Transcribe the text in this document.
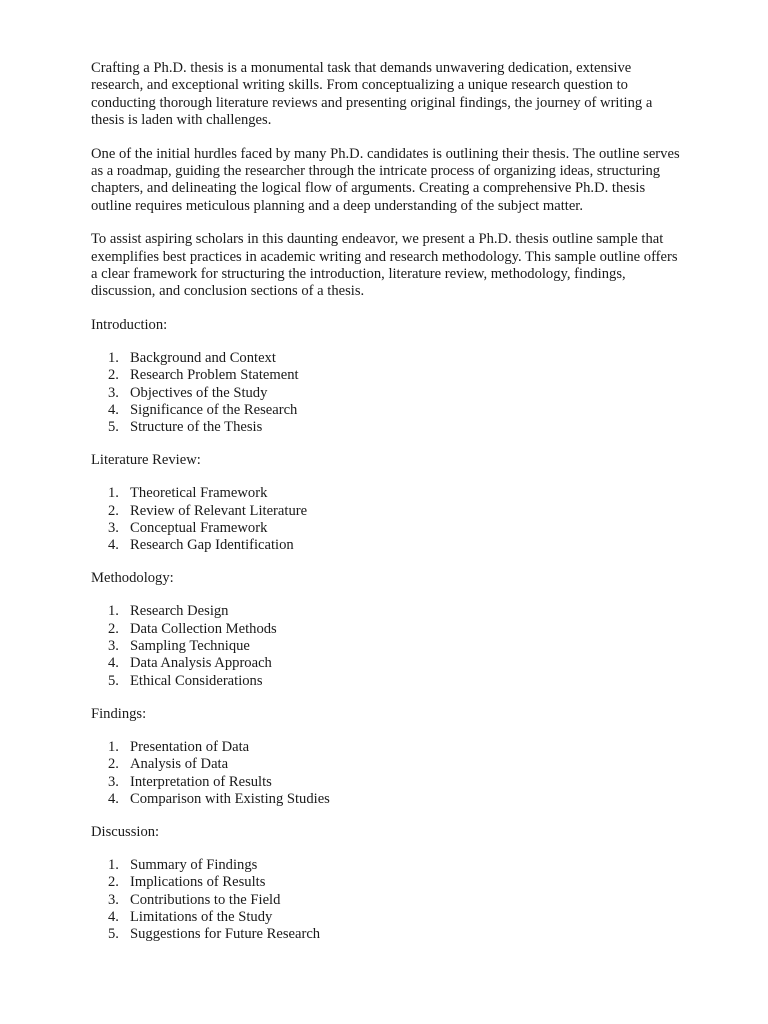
Crafting a Ph.D. thesis is a monumental task that demands unwavering dedication, extensive
research, and exceptional writing skills. From conceptualizing a unique research question to
conducting thorough literature reviews and presenting original findings, the journey of writing a
thesis is laden with challenges.

One of the initial hurdles faced by many Ph.D. candidates is outlining their thesis. The outline serves
as a roadmap, guiding the researcher through the intricate process of organizing ideas, structuring
chapters, and delineating the logical flow of arguments. Creating a comprehensive Ph.D. thesis
outline requires meticulous planning and a deep understanding of the subject matter.

To assist aspiring scholars in this daunting endeavor, we present a Ph.D. thesis outline sample that
exemplifies best practices in academic writing and research methodology. This sample outline offers
a clear framework for structuring the introduction, literature review, methodology, findings,
discussion, and conclusion sections of a thesis.

Introduction:

1. Background and Context
2. Research Problem Statement
3. Objectives of the Study
4. Significance of the Research
5. Structure of the Thesis

Literature Review:

1. Theoretical Framework
2. Review of Relevant Literature
3. Conceptual Framework
4. Research Gap Identification

Methodology:

1. Research Design
2. Data Collection Methods
3. Sampling Technique
4. Data Analysis Approach
5. Ethical Considerations

Findings:

1. Presentation of Data
2. Analysis of Data
3. Interpretation of Results
4. Comparison with Existing Studies

Discussion:

1. Summary of Findings
2. Implications of Results
3. Contributions to the Field
4. Limitations of the Study
5. Suggestions for Future Research
